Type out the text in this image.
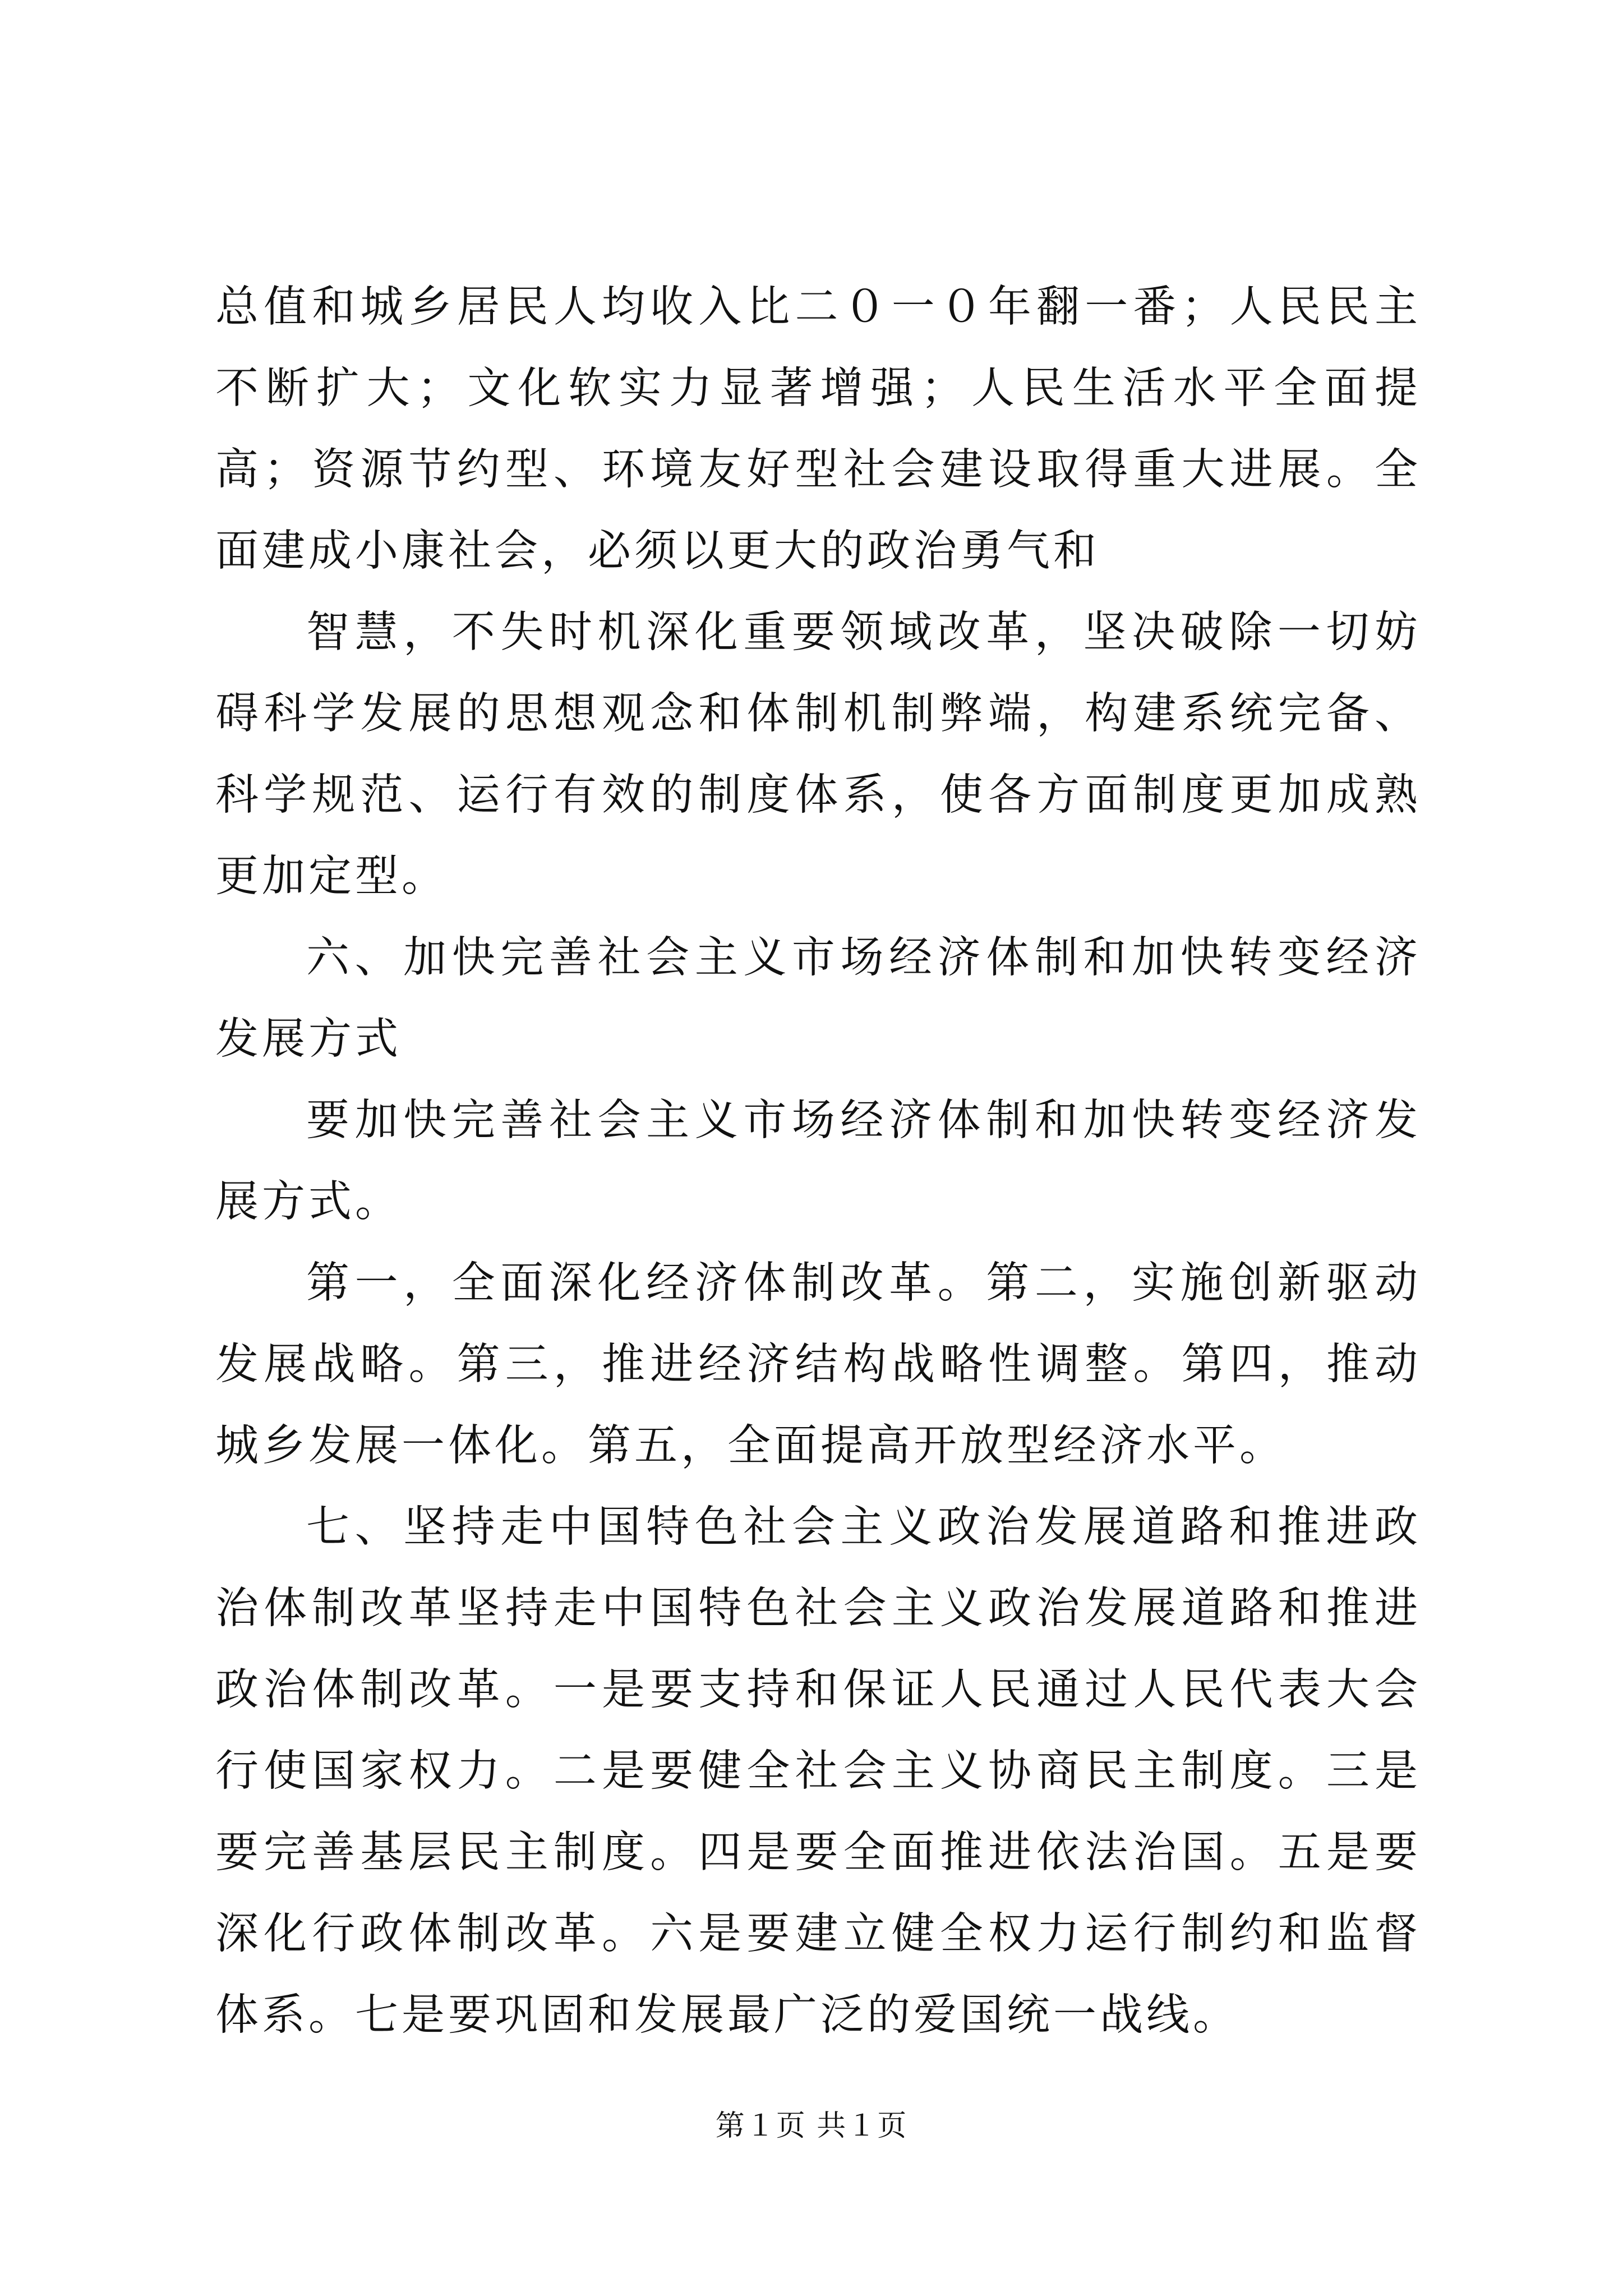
总值和城乡居民人均收入比二０一０年翻一番；人民民主不断扩大；文化软实力显著增强；人民生活水平全面提高；资源节约型、环境友好型社会建设取得重大进展。全面建成小康社会，必须以更大的政治勇气和

智慧，不失时机深化重要领域改革，坚决破除一切妨碍科学发展的思想观念和体制机制弊端，构建系统完备、科学规范、运行有效的制度体系，使各方面制度更加成熟更加定型。

六、加快完善社会主义市场经济体制和加快转变经济发展方式

要加快完善社会主义市场经济体制和加快转变经济发展方式。

第一，全面深化经济体制改革。第二，实施创新驱动发展战略。第三，推进经济结构战略性调整。第四，推动城乡发展一体化。第五，全面提高开放型经济水平。

七、坚持走中国特色社会主义政治发展道路和推进政治体制改革坚持走中国特色社会主义政治发展道路和推进政治体制改革。一是要支持和保证人民通过人民代表大会行使国家权力。二是要健全社会主义协商民主制度。三是要完善基层民主制度。四是要全面推进依法治国。五是要深化行政体制改革。六是要建立健全权力运行制约和监督体系。七是要巩固和发展最广泛的爱国统一战线。

第１页 共１页
